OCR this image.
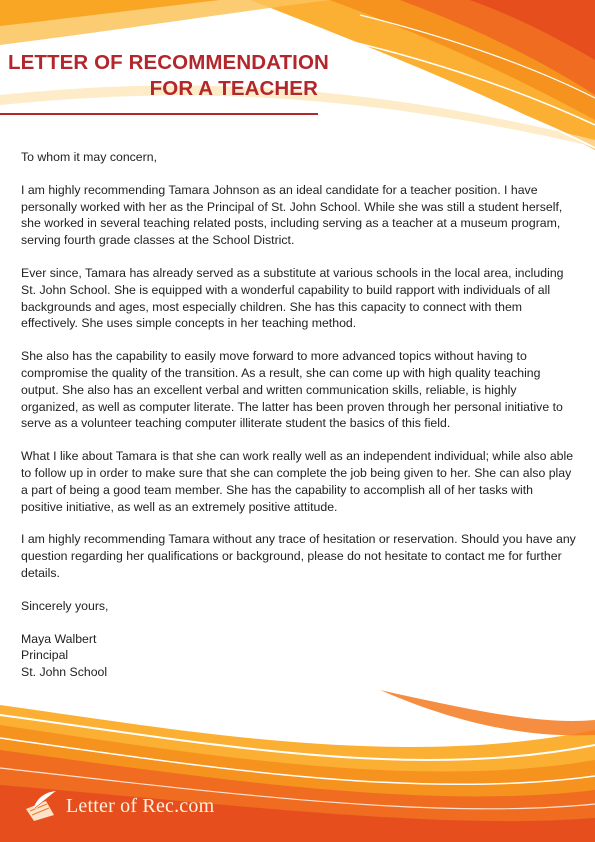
LETTER OF RECOMMENDATION
FOR A TEACHER

To whom it may concern,

I am highly recommending Tamara Johnson as an ideal candidate for a teacher position. I have personally worked with her as the Principal of St. John School. While she was still a student herself, she worked in several teaching related posts, including serving as a teacher at a museum program, serving fourth grade classes at the School District.

Ever since, Tamara has already served as a substitute at various schools in the local area, including St. John School. She is equipped with a wonderful capability to build rapport with individuals of all backgrounds and ages, most especially children. She has this capacity to connect with them effectively. She uses simple concepts in her teaching method.

She also has the capability to easily move forward to more advanced topics without having to compromise the quality of the transition. As a result, she can come up with high quality teaching output. She also has an excellent verbal and written communication skills, reliable, is highly organized, as well as computer literate. The latter has been proven through her personal initiative to serve as a volunteer teaching computer illiterate student the basics of this field.

What I like about Tamara is that she can work really well as an independent individual; while also able to follow up in order to make sure that she can complete the job being given to her. She can also play a part of being a good team member. She has the capability to accomplish all of her tasks with positive initiative, as well as an extremely positive attitude.

I am highly recommending Tamara without any trace of hesitation or reservation. Should you have any question regarding her qualifications or background, please do not hesitate to contact me for further details.

Sincerely yours,

Maya Walbert
Principal
St. John School
Letter of Rec.com
